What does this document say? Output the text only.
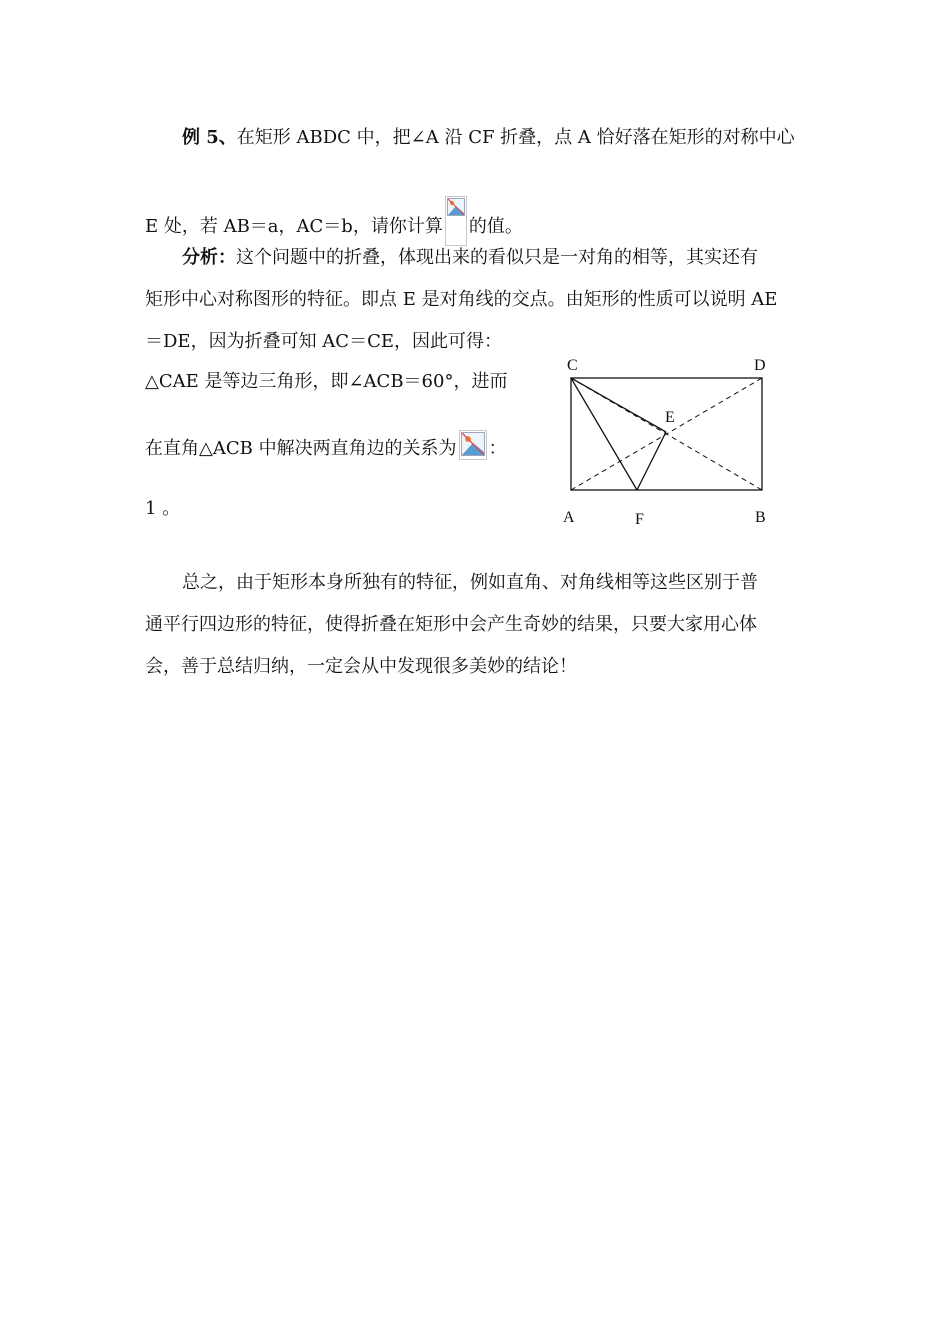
例 5、在矩形 ABDC 中，把∠A 沿 CF 折叠，点 A 恰好落在矩形的对称中心
E 处，若 AB＝a，AC＝b，请你计算 的值。
分析：这个问题中的折叠，体现出来的看似只是一对角的相等，其实还有
矩形中心对称图形的特征。即点 E 是对角线的交点。由矩形的性质可以说明 AE
＝DE，因为折叠可知 AC＝CE，因此可得：
△CAE 是等边三角形，即∠ACB＝60°，进而
在直角△ACB 中解决两直角边的关系为 ：
1 。
C	D
E
A	F	B
总之，由于矩形本身所独有的特征，例如直角、对角线相等这些区别于普
通平行四边形的特征，使得折叠在矩形中会产生奇妙的结果，只要大家用心体
会，善于总结归纳，一定会从中发现很多美妙的结论！
